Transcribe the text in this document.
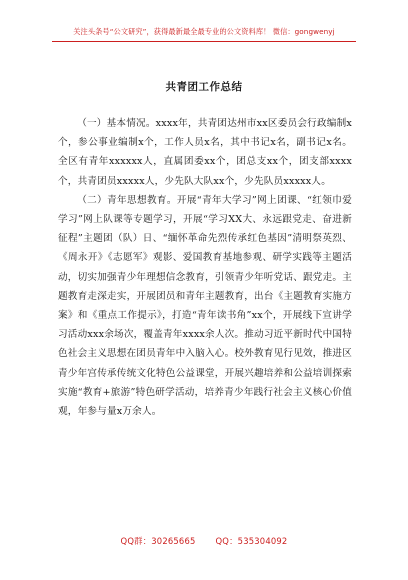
关注头条号“公文研究”，获得最新最全最专业的公文资料库！ 微信：gongwenyj
共青团工作总结

（一）基本情况。xxxx年，共青团达州市xx区委员会行政编制x个，参公事业编制x个，工作人员x名，其中书记x名，副书记x名。全区有青年xxxxxx人，直属团委xx个，团总支xx个，团支部xxxx个，共青团员xxxxx人，少先队大队xx个，少先队员xxxxx人。

（二）青年思想教育。开展“青年大学习”网上团课、“红领巾爱学习”网上队课等专题学习，开展“学习XX大、永远跟党走、奋进新征程”主题团（队）日、“缅怀革命先烈传承红色基因”清明祭英烈、《周永开》《志愿军》观影、爱国教育基地参观、研学实践等主题活动，切实加强青少年理想信念教育，引领青少年听党话、跟党走。主题教育走深走实，开展团员和青年主题教育，出台《主题教育实施方案》和《重点工作提示》，打造“青年读书角”xx个，开展线下宣讲学习活动xxx余场次，覆盖青年xxxx余人次。推动习近平新时代中国特色社会主义思想在团员青年中入脑入心。校外教育见行见效，推进区青少年宫传承传统文化特色公益课堂，开展兴趣培养和公益培训探索实施“教育+旅游”特色研学活动，培养青少年践行社会主义核心价值观，年参与量x万余人。

QQ群：30265665 QQ：535304092
